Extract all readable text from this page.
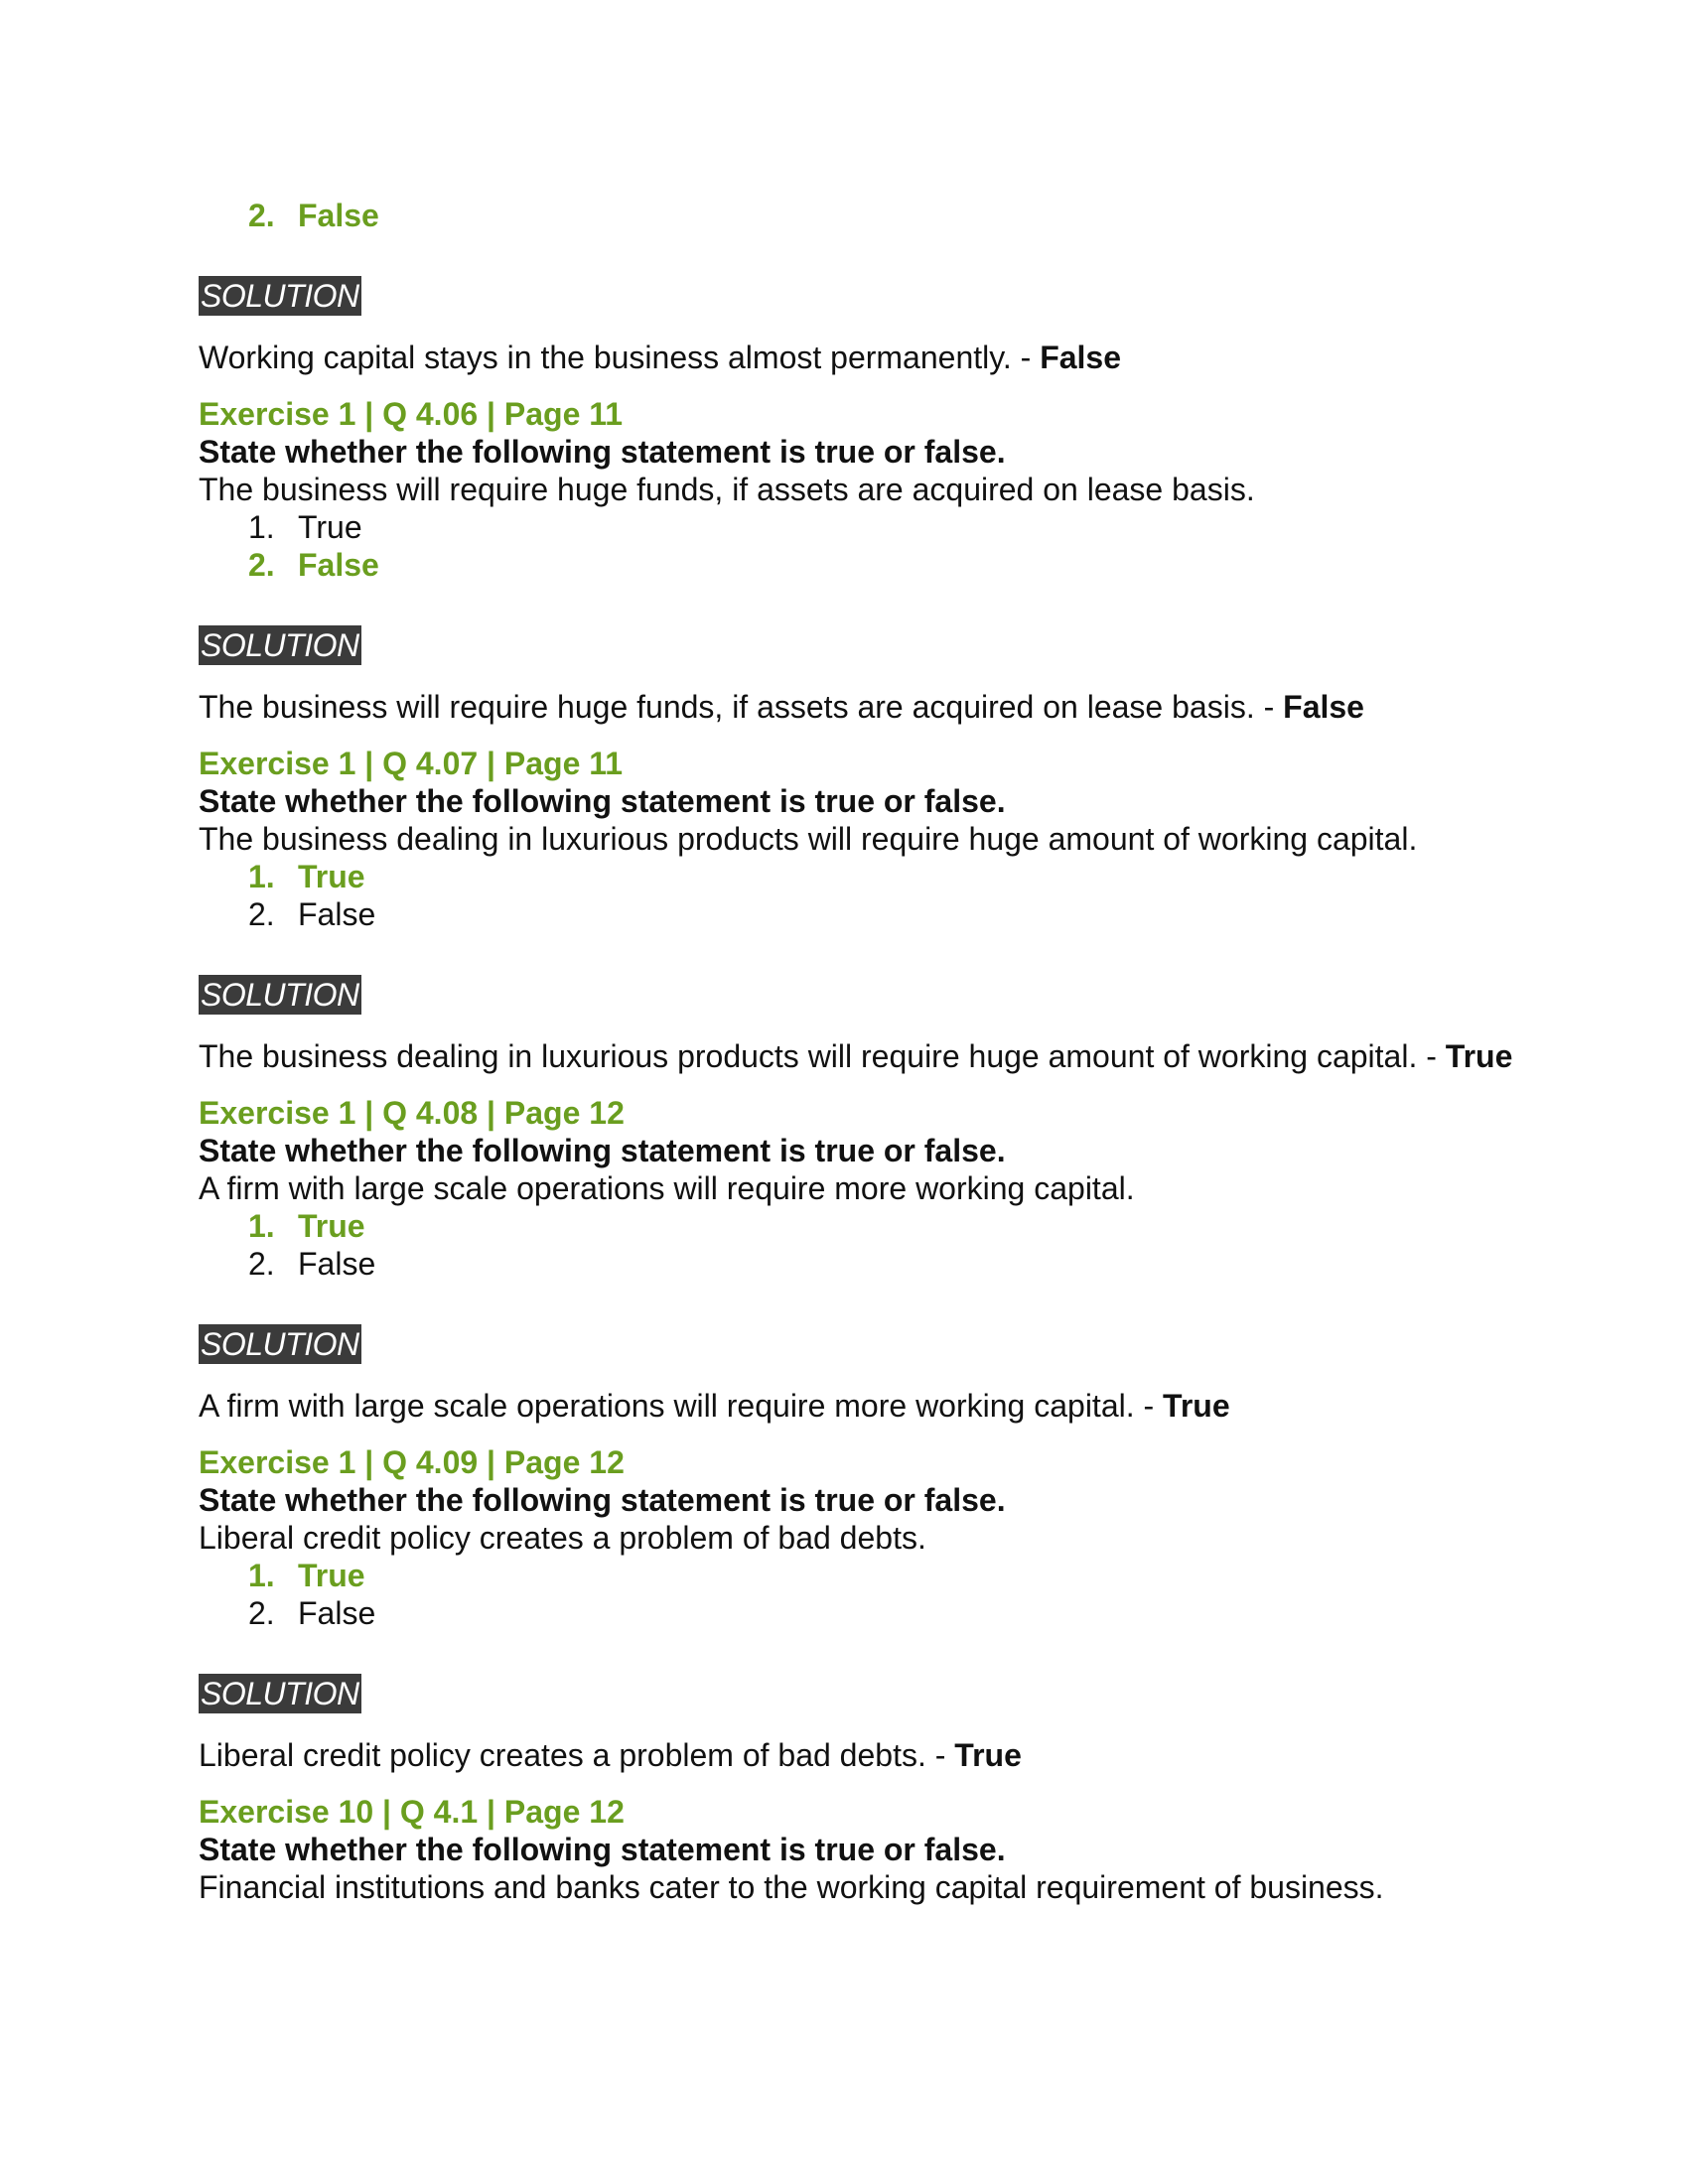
2. False
SOLUTION
Working capital stays in the business almost permanently. - False
Exercise 1 | Q 4.06 | Page 11
State whether the following statement is true or false.
The business will require huge funds, if assets are acquired on lease basis.
1. True
2. False
SOLUTION
The business will require huge funds, if assets are acquired on lease basis. - False
Exercise 1 | Q 4.07 | Page 11
State whether the following statement is true or false.
The business dealing in luxurious products will require huge amount of working capital.
1. True
2. False
SOLUTION
The business dealing in luxurious products will require huge amount of working capital. - True
Exercise 1 | Q 4.08 | Page 12
State whether the following statement is true or false.
A firm with large scale operations will require more working capital.
1. True
2. False
SOLUTION
A firm with large scale operations will require more working capital. - True
Exercise 1 | Q 4.09 | Page 12
State whether the following statement is true or false.
Liberal credit policy creates a problem of bad debts.
1. True
2. False
SOLUTION
Liberal credit policy creates a problem of bad debts. - True
Exercise 10 | Q 4.1 | Page 12
State whether the following statement is true or false.
Financial institutions and banks cater to the working capital requirement of business.
